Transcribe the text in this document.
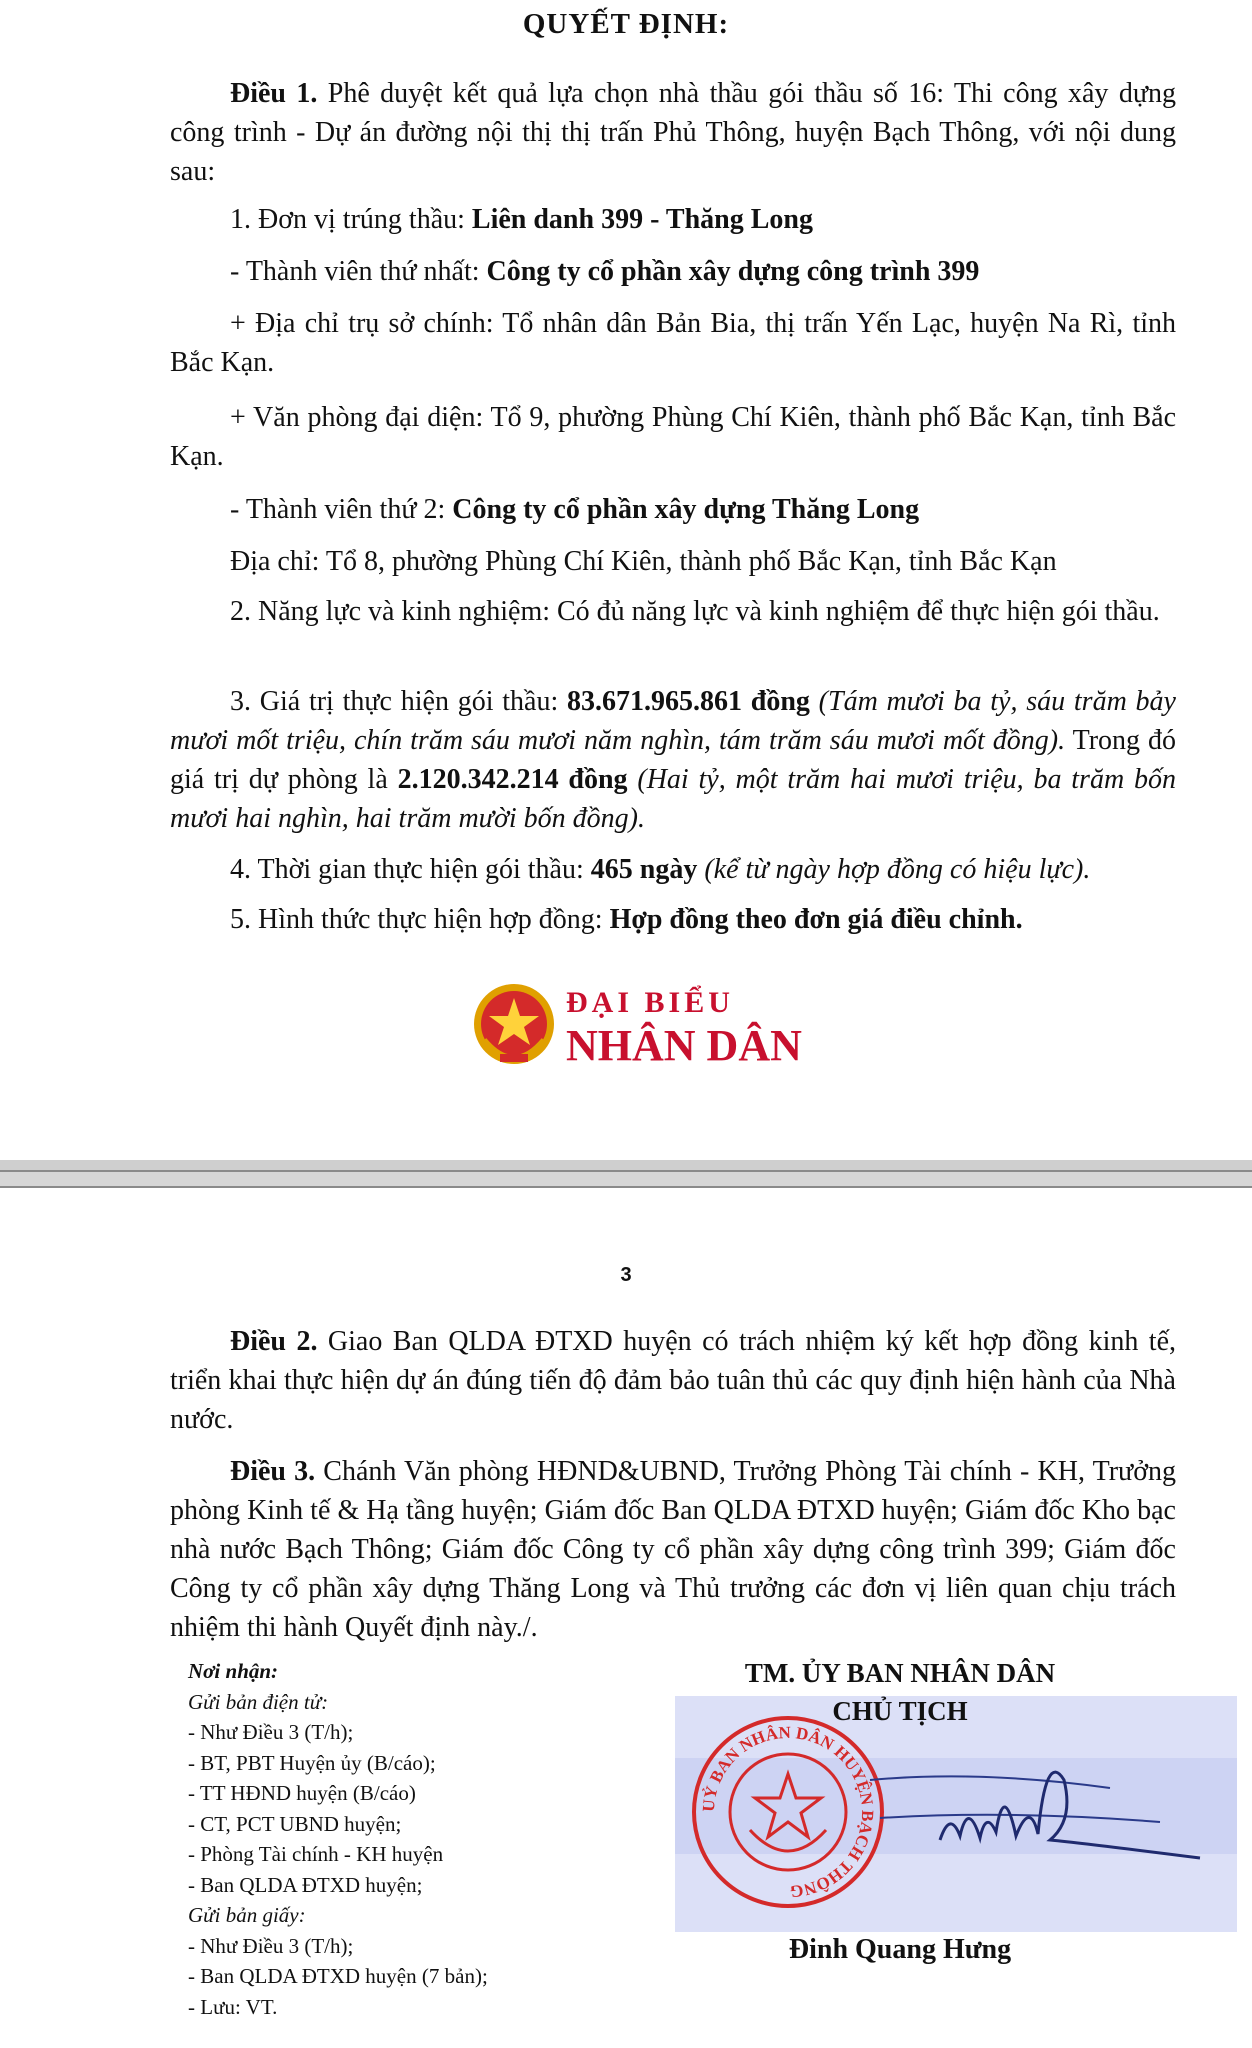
QUYẾT ĐỊNH:
Điều 1. Phê duyệt kết quả lựa chọn nhà thầu gói thầu số 16: Thi công xây dựng công trình - Dự án đường nội thị thị trấn Phủ Thông, huyện Bạch Thông, với nội dung sau:
1. Đơn vị trúng thầu: Liên danh 399 - Thăng Long
- Thành viên thứ nhất: Công ty cổ phần xây dựng công trình 399
+ Địa chỉ trụ sở chính: Tổ nhân dân Bản Bia, thị trấn Yến Lạc, huyện Na Rì, tỉnh Bắc Kạn.
+ Văn phòng đại diện: Tổ 9, phường Phùng Chí Kiên, thành phố Bắc Kạn, tỉnh Bắc Kạn.
- Thành viên thứ 2: Công ty cổ phần xây dựng Thăng Long
Địa chỉ: Tổ 8, phường Phùng Chí Kiên, thành phố Bắc Kạn, tỉnh Bắc Kạn
2. Năng lực và kinh nghiệm: Có đủ năng lực và kinh nghiệm để thực hiện gói thầu.
3. Giá trị thực hiện gói thầu: 83.671.965.861 đồng (Tám mươi ba tỷ, sáu trăm bảy mươi mốt triệu, chín trăm sáu mươi năm nghìn, tám trăm sáu mươi mốt đồng). Trong đó giá trị dự phòng là 2.120.342.214 đồng (Hai tỷ, một trăm hai mươi triệu, ba trăm bốn mươi hai nghìn, hai trăm mười bốn đồng).
4. Thời gian thực hiện gói thầu: 465 ngày (kể từ ngày hợp đồng có hiệu lực).
5. Hình thức thực hiện hợp đồng: Hợp đồng theo đơn giá điều chỉnh.
ĐẠI BIỂU
NHÂN DÂN
3
Điều 2. Giao Ban QLDA ĐTXD huyện có trách nhiệm ký kết hợp đồng kinh tế, triển khai thực hiện dự án đúng tiến độ đảm bảo tuân thủ các quy định hiện hành của Nhà nước.
Điều 3. Chánh Văn phòng HĐND&UBND, Trưởng Phòng Tài chính - KH, Trưởng phòng Kinh tế & Hạ tầng huyện; Giám đốc Ban QLDA ĐTXD huyện; Giám đốc Kho bạc nhà nước Bạch Thông; Giám đốc Công ty cổ phần xây dựng công trình 399; Giám đốc Công ty cổ phần xây dựng Thăng Long và Thủ trưởng các đơn vị liên quan chịu trách nhiệm thi hành Quyết định này./.
Nơi nhận:
Gửi bản điện tử:
- Như Điều 3 (T/h);
- BT, PBT Huyện ủy (B/cáo);
- TT HĐND huyện (B/cáo)
- CT, PCT UBND huyện;
- Phòng Tài chính - KH huyện
- Ban QLDA ĐTXD huyện;
Gửi bản giấy:
- Như Điều 3 (T/h);
- Ban QLDA ĐTXD huyện (7 bản);
- Lưu: VT.
TM. ỦY BAN NHÂN DÂN
CHỦ TỊCH
UỶ BAN NHÂN DÂN HUYỆN BẠCH THÔNG
Đinh Quang Hưng
